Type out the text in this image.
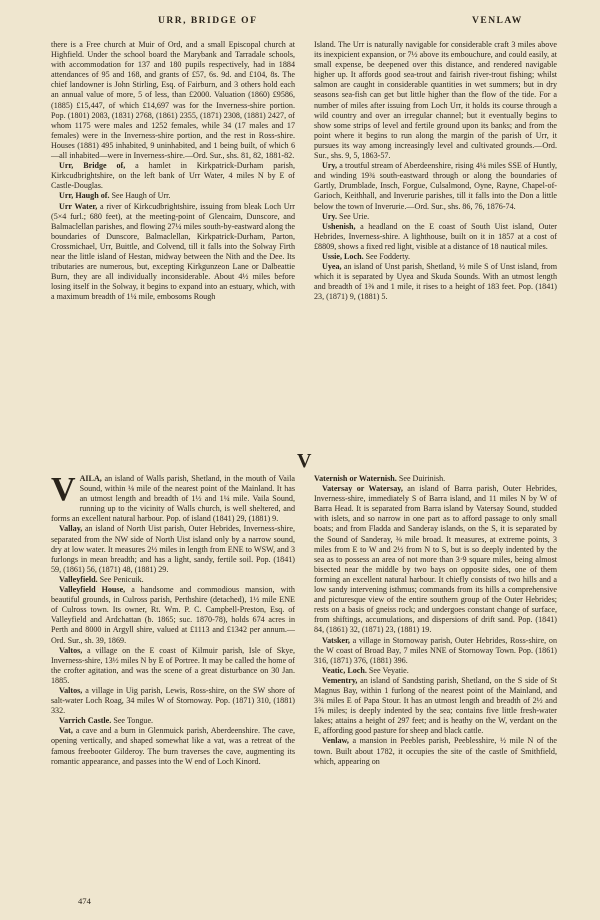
URR, BRIDGE OF	VENLAW

there is a Free church at Muir of Ord, and a small Episcopal church at Highfield. Under the school board the Marybank and Tarradale schools, with accommodation for 137 and 180 pupils respectively, had in 1884 attendances of 95 and 168, and grants of £57, 6s. 9d. and £104, 8s. The chief landowner is John Stirling, Esq. of Fairburn, and 3 others hold each an annual value of more, 5 of less, than £2000. Valuation (1860) £9586, (1885) £15,447, of which £14,697 was for the Inverness-shire portion. Pop. (1801) 2083, (1831) 2768, (1861) 2355, (1871) 2308, (1881) 2427, of whom 1175 were males and 1252 females, while 34 (17 males and 17 females) were in the Inverness-shire portion, and the rest in Ross-shire. Houses (1881) 495 inhabited, 9 uninhabited, and 1 being built, of which 6—all inhabited—were in Inverness-shire.—Ord. Sur., shs. 81, 82, 1881-82.

Urr, Bridge of, a hamlet in Kirkpatrick-Durham parish, Kirkcudbrightshire, on the left bank of Urr Water, 4 miles N by E of Castle-Douglas.

Urr, Haugh of. See Haugh of Urr.

Urr Water, a river of Kirkcudbrightshire, issuing from bleak Loch Urr (5×4 furl.; 680 feet), at the meeting-point of Glencairn, Dunscore, and Balmaclellan parishes, and flowing 27¼ miles south-by-eastward along the boundaries of Dunscore, Balmaclellan, Kirkpatrick-Durham, Parton, Crossmichael, Urr, Buittle, and Colvend, till it falls into the Solway Firth near the little island of Hestan, midway between the Nith and the Dee. Its tributaries are numerous, but, excepting Kirkgunzeon Lane or Dalbeattie Burn, they are all individually inconsiderable. About 4½ miles before losing itself in the Solway, it begins to expand into an estuary, which, with a maximum breadth of 1¼ mile, embosoms Rough

Island. The Urr is naturally navigable for considerable craft 3 miles above its inexpicient expansion, or 7½ above its embouchure, and could easily, at small expense, be deepened over this distance, and rendered navigable higher up. It affords good sea-trout and fairish river-trout fishing; whilst salmon are caught in considerable quantities in wet summers; but in dry seasons sea-fish can get but little higher than the flow of the tide. For a number of miles after issuing from Loch Urr, it holds its course through a wild country and over an irregular channel; but it eventually begins to show some strips of level and fertile ground upon its banks; and from the point where it begins to run along the margin of the parish of Urr, it pursues its way among increasingly level and cultivated grounds.—Ord. Sur., shs. 9, 5, 1863-57.

Ury, a troutful stream of Aberdeenshire, rising 4¼ miles SSE of Huntly, and winding 19¾ south-eastward through or along the boundaries of Gartly, Drumblade, Insch, Forgue, Culsalmond, Oyne, Rayne, Chapel-of-Garioch, Keithhall, and Inverurie parishes, till it falls into the Don a little below the town of Inverurie.—Ord. Sur., shs. 86, 76, 1876-74.

Ury. See Urie.

Ushenish, a headland on the E coast of South Uist island, Outer Hebrides, Inverness-shire. A lighthouse, built on it in 1857 at a cost of £8809, shows a fixed red light, visible at a distance of 18 nautical miles.

Ussie, Loch. See Fodderty.

Uyea, an island of Unst parish, Shetland, ½ mile S of Unst island, from which it is separated by Uyea and Skuda Sounds. With an utmost length and breadth of 1⅜ and 1 mile, it rises to a height of 183 feet. Pop. (1841) 23, (1871) 9, (1881) 5.

V

VAILA, an island of Walls parish, Shetland, in the mouth of Vaila Sound, within ⅛ mile of the nearest point of the Mainland. It has an utmost length and breadth of 1½ and 1¼ mile. Vaila Sound, running up to the vicinity of Walls church, is well sheltered, and forms an excellent natural harbour. Pop. of island (1841) 29, (1881) 9.

Vallay, an island of North Uist parish, Outer Hebrides, Inverness-shire, separated from the NW side of North Uist island only by a narrow sound, dry at low water. It measures 2½ miles in length from ENE to WSW, and 3 furlongs in mean breadth; and has a light, sandy, fertile soil. Pop. (1841) 59, (1861) 56, (1871) 48, (1881) 29.

Valleyfield. See Penicuik.

Valleyfield House, a handsome and commodious mansion, with beautiful grounds, in Culross parish, Perthshire (detached), 1½ mile ENE of Culross town. Its owner, Rt. Wm. P. C. Campbell-Preston, Esq. of Valleyfield and Ardchattan (b. 1865; suc. 1870-78), holds 674 acres in Perth and 8000 in Argyll shire, valued at £1113 and £1342 per annum.—Ord. Sur., sh. 39, 1869.

Valtos, a village on the E coast of Kilmuir parish, Isle of Skye, Inverness-shire, 13½ miles N by E of Portree. It may be called the home of the crofter agitation, and was the scene of a great disturbance on 30 Jan. 1885.

Valtos, a village in Uig parish, Lewis, Ross-shire, on the SW shore of salt-water Loch Roag, 34 miles W of Stornoway. Pop. (1871) 310, (1881) 332.

Varrich Castle. See Tongue.

Vat, a cave and a burn in Glenmuick parish, Aberdeenshire. The cave, opening vertically, and shaped somewhat like a vat, was a retreat of the famous freebooter Gilderoy. The burn traverses the cave, augmenting its romantic appearance, and passes into the W end of Loch Kinord.

Vaternish or Waternish. See Duirinish.

Vatersay or Watersay, an island of Barra parish, Outer Hebrides, Inverness-shire, immediately S of Barra island, and 11 miles N by W of Barra Head. It is separated from Barra island by Vatersay Sound, studded with islets, and so narrow in one part as to afford passage to only small boats; and from Fladda and Sanderay islands, on the S, it is separated by the Sound of Sanderay, ⅜ mile broad. It measures, at extreme points, 3 miles from E to W and 2½ from N to S, but is so deeply indented by the sea as to possess an area of not more than 3·9 square miles, being almost bisected near the middle by two bays on opposite sides, one of them forming an excellent natural harbour. It chiefly consists of two hills and a low sandy intervening isthmus; commands from its hills a comprehensive and picturesque view of the entire southern group of the Outer Hebrides; rests on a basis of gneiss rock; and undergoes constant change of surface, from shiftings, accumulations, and dispersions of drift sand. Pop. (1841) 84, (1861) 32, (1871) 23, (1881) 19.

Vatsker, a village in Stornoway parish, Outer Hebrides, Ross-shire, on the W coast of Broad Bay, 7 miles NNE of Stornoway Town. Pop. (1861) 316, (1871) 376, (1881) 396.

Veatic, Loch. See Veyatie.

Vementry, an island of Sandsting parish, Shetland, on the S side of St Magnus Bay, within 1 furlong of the nearest point of the Mainland, and 3¾ miles E of Papa Stour. It has an utmost length and breadth of 2½ and 1⅝ miles; is deeply indented by the sea; contains five little fresh-water lakes; attains a height of 297 feet; and is heathy on the W, verdant on the E, affording good pasture for sheep and black cattle.

Venlaw, a mansion in Peebles parish, Peeblesshire, ½ mile N of the town. Built about 1782, it occupies the site of the castle of Smithfield, which, appearing on

474
